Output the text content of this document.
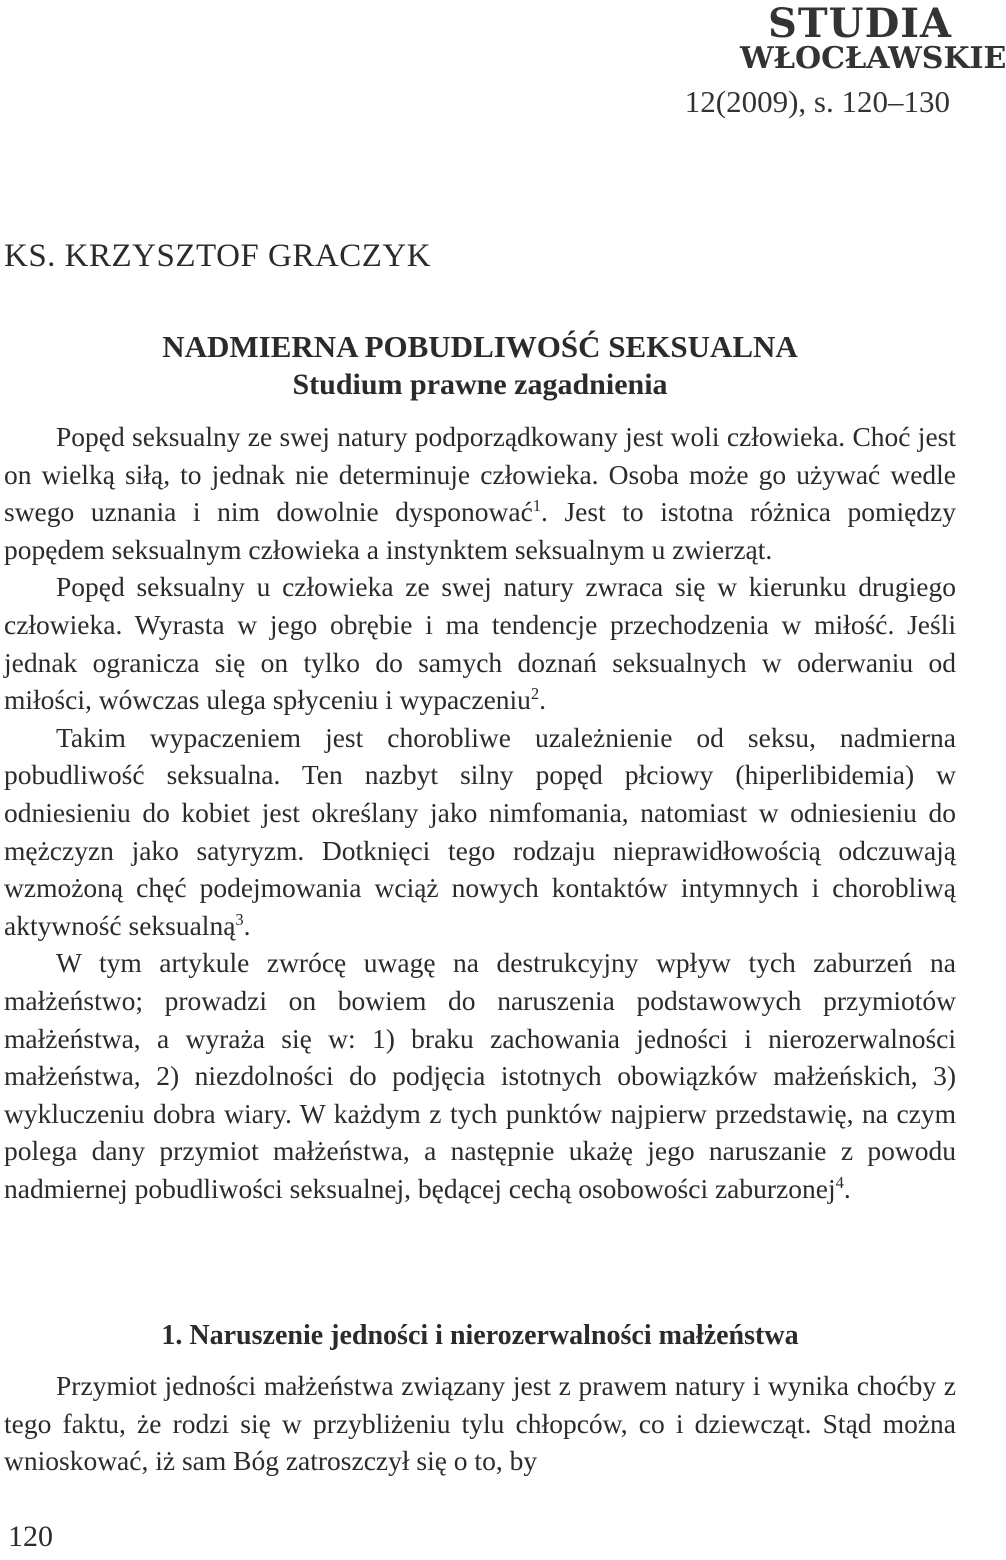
STUDIA
WŁOCŁAWSKIE
12(2009), s. 120–130
KS. KRZYSZTOF GRACZYK
NADMIERNA POBUDLIWOŚĆ SEKSUALNA
Studium prawne zagadnienia

Popęd seksualny ze swej natury podporządkowany jest woli człowieka. Choć jest on wielką siłą, to jednak nie determinuje człowieka. Osoba może go używać wedle swego uznania i nim dowolnie dysponować$^1$. Jest to istotna różnica pomiędzy popędem seksualnym człowieka a instynktem seksualnym u zwierząt.

Popęd seksualny u człowieka ze swej natury zwraca się w kierunku drugiego człowieka. Wyrasta w jego obrębie i ma tendencje przechodzenia w miłość. Jeśli jednak ogranicza się on tylko do samych doznań seksualnych w oderwaniu od miłości, wówczas ulega spłyceniu i wypaczeniu$^2$.

Takim wypaczeniem jest chorobliwe uzależnienie od seksu, nadmierna pobudliwość seksualna. Ten nazbyt silny popęd płciowy (hiperlibidemia) w odniesieniu do kobiet jest określany jako nimfomania, natomiast w odniesieniu do mężczyzn jako satyryzm. Dotknięci tego rodzaju nieprawidłowością odczuwają wzmożoną chęć podejmowania wciąż nowych kontaktów intymnych i chorobliwą aktywność seksualną$^3$.

W tym artykule zwrócę uwagę na destrukcyjny wpływ tych zaburzeń na małżeństwo; prowadzi on bowiem do naruszenia podstawowych przymiotów małżeństwa, a wyraża się w: 1) braku zachowania jedności i nierozerwalności małżeństwa, 2) niezdolności do podjęcia istotnych obowiązków małżeńskich, 3) wykluczeniu dobra wiary. W każdym z tych punktów najpierw przedstawię, na czym polega dany przymiot małżeństwa, a następnie ukażę jego naruszanie z powodu nadmiernej pobudliwości seksualnej, będącej cechą osobowości zaburzonej$^4$.

1. Naruszenie jedności i nierozerwalności małżeństwa

Przymiot jedności małżeństwa związany jest z prawem natury i wynika choćby z tego faktu, że rodzi się w przybliżeniu tylu chłopców, co i dziewcząt. Stąd można wnioskować, iż sam Bóg zatroszczył się o to, by

120
